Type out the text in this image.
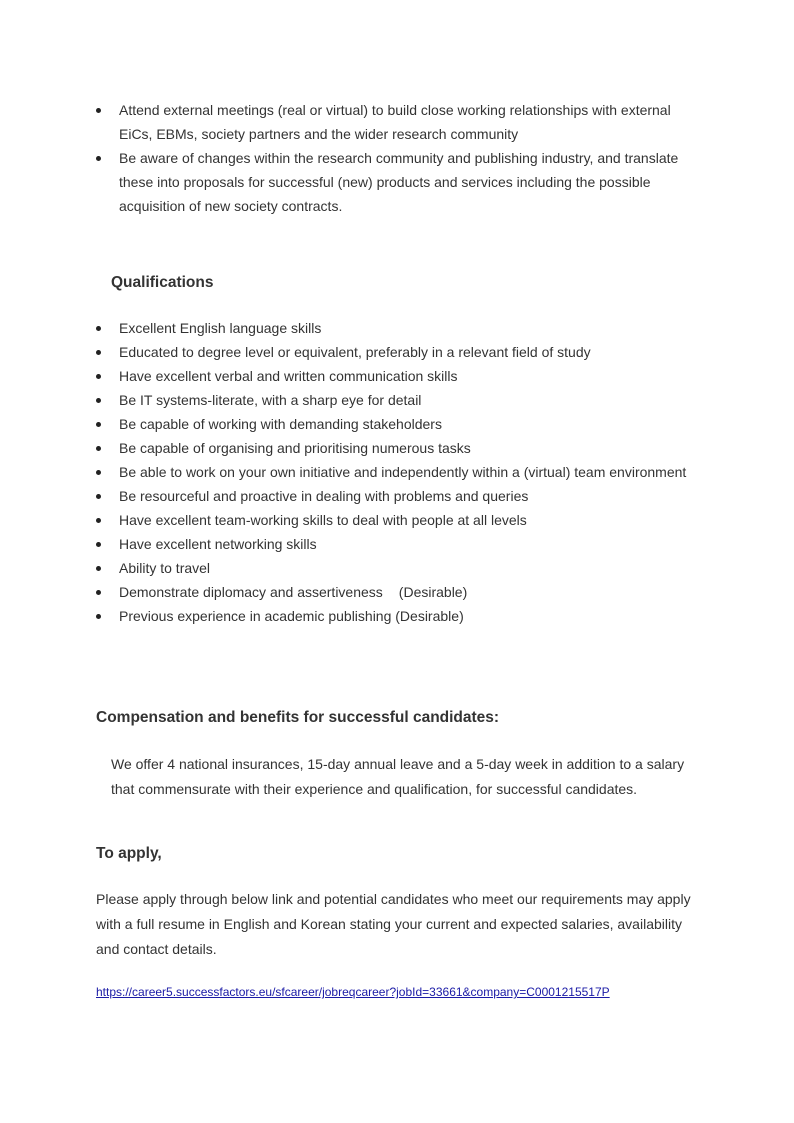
Attend external meetings (real or virtual) to build close working relationships with external EiCs, EBMs, society partners and the wider research community
Be aware of changes within the research community and publishing industry, and translate these into proposals for successful (new) products and services including the possible acquisition of new society contracts.
Qualifications
Excellent English language skills
Educated to degree level or equivalent, preferably in a relevant field of study
Have excellent verbal and written communication skills
Be IT systems-literate, with a sharp eye for detail
Be capable of working with demanding stakeholders
Be capable of organising and prioritising numerous tasks
Be able to work on your own initiative and independently within a (virtual) team environment
Be resourceful and proactive in dealing with problems and queries
Have excellent team-working skills to deal with people at all levels
Have excellent networking skills
Ability to travel
Demonstrate diplomacy and assertiveness (Desirable)
Previous experience in academic publishing (Desirable)
Compensation and benefits for successful candidates:

We offer 4 national insurances, 15-day annual leave and a 5-day week in addition to a salary that commensurate with their experience and qualification, for successful candidates.

To apply,

Please apply through below link and potential candidates who meet our requirements may apply with a full resume in English and Korean stating your current and expected salaries, availability and contact details.

https://career5.successfactors.eu/sfcareer/jobreqcareer?jobId=33661&company=C0001215517P
